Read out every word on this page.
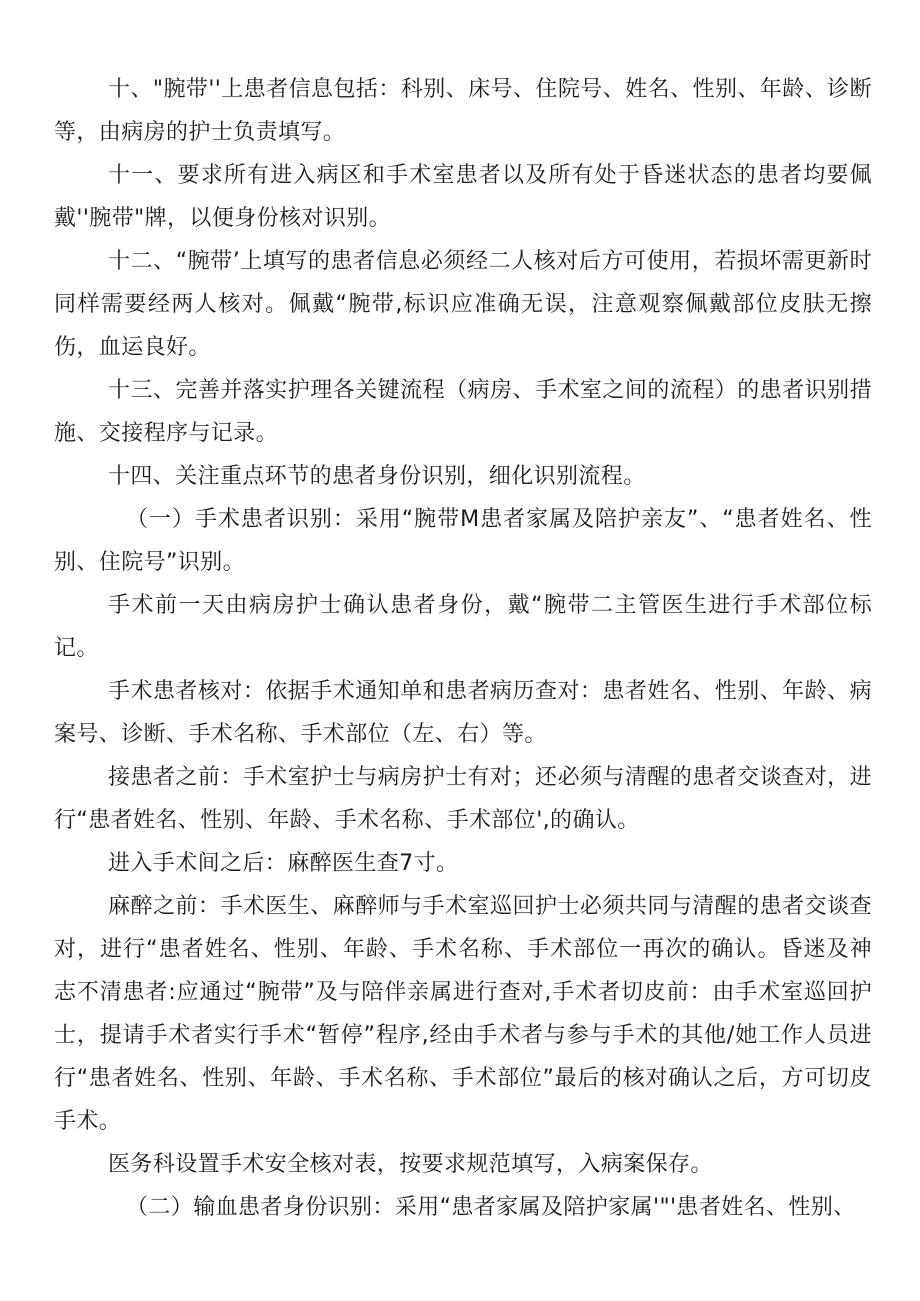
十、"腕带''上患者信息包括：科别、床号、住院号、姓名、性别、年龄、诊断等，由病房的护士负责填写。

十一、要求所有进入病区和手术室患者以及所有处于昏迷状态的患者均要佩戴''腕带"牌，以便身份核对识别。

十二、“腕带’上填写的患者信息必须经二人核对后方可使用，若损坏需更新时同样需要经两人核对。佩戴“腕带,标识应准确无误，注意观察佩戴部位皮肤无擦伤，血运良好。

十三、完善并落实护理各关键流程（病房、手术室之间的流程）的患者识别措施、交接程序与记录。

十四、关注重点环节的患者身份识别，细化识别流程。

（一）手术患者识别：采用“腕带M患者家属及陪护亲友”、“患者姓名、性别、住院号”识别。

手术前一天由病房护士确认患者身份，戴“腕带二主管医生进行手术部位标记。

手术患者核对：依据手术通知单和患者病历查对：患者姓名、性别、年龄、病案号、诊断、手术名称、手术部位（左、右）等。

接患者之前：手术室护士与病房护士有对；还必须与清醒的患者交谈查对，进行“患者姓名、性别、年龄、手术名称、手术部位',的确认。

进入手术间之后：麻醉医生查7寸。

麻醉之前：手术医生、麻醉师与手术室巡回护士必须共同与清醒的患者交谈查对，进行“患者姓名、性别、年龄、手术名称、手术部位一再次的确认。昏迷及神志不清患者:应通过“腕带”及与陪伴亲属进行查对,手术者切皮前：由手术室巡回护士，提请手术者实行手术“暂停”程序,经由手术者与参与手术的其他/她工作人员进行“患者姓名、性别、年龄、手术名称、手术部位”最后的核对确认之后，方可切皮手术。

医务科设置手术安全核对表，按要求规范填写，入病案保存。

（二）输血患者身份识别：采用“患者家属及陪护家属'"'患者姓名、性别、
